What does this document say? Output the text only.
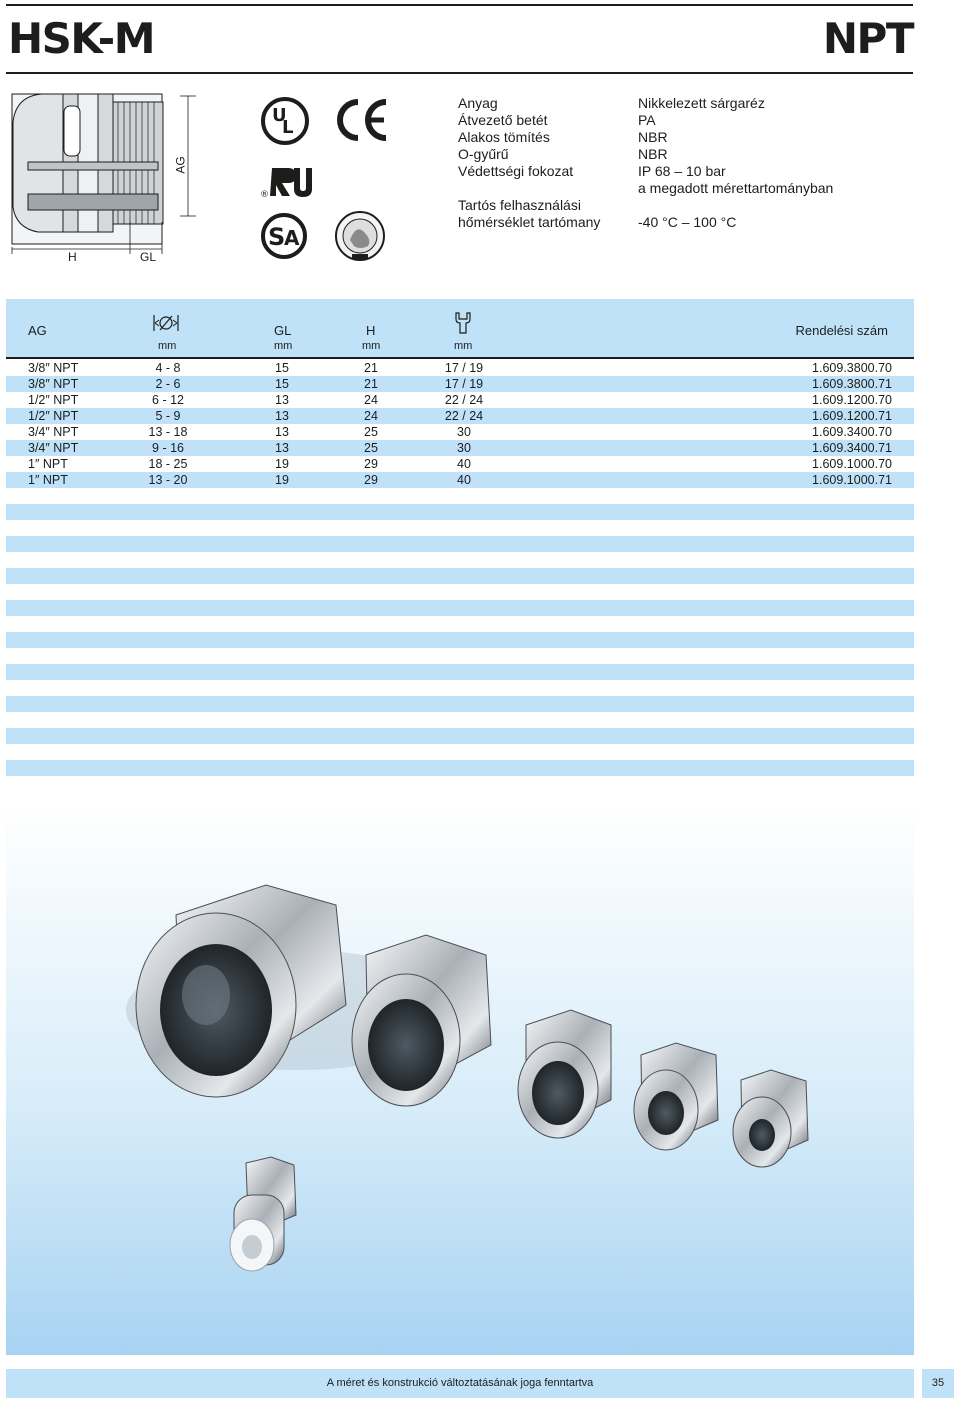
HSK-M	NPT
AG
H	GL
U
L
®
S
A
Anyag	Nikkelezett sárgaréz
Átvezető betét	PA
Alakos tömítés	NBR
O-gyűrű	NBR
Védettségi fokozat	IP 68 – 10 bar
a megadott mérettartományban
Tartós felhasználási
hőmérséklet tartómany	-40 °C – 100 °C
AG	GL	H	Rendelési szám
mm	mm	mm	mm
3/8″ NPT	4 - 8	15	21	17 / 19	1.609.3800.70
3/8″ NPT	2 - 6	15	21	17 / 19	1.609.3800.71
1/2″ NPT	6 - 12	13	24	22 / 24	1.609.1200.70
1/2″ NPT	5 - 9	13	24	22 / 24	1.609.1200.71
3/4″ NPT	13 - 18	13	25	30	1.609.3400.70
3/4″ NPT	9 - 16	13	25	30	1.609.3400.71
1″ NPT	18 - 25	19	29	40	1.609.1000.70
1″ NPT	13 - 20	19	29	40	1.609.1000.71
A méret és konstrukció változtatásának joga fenntartva	35
